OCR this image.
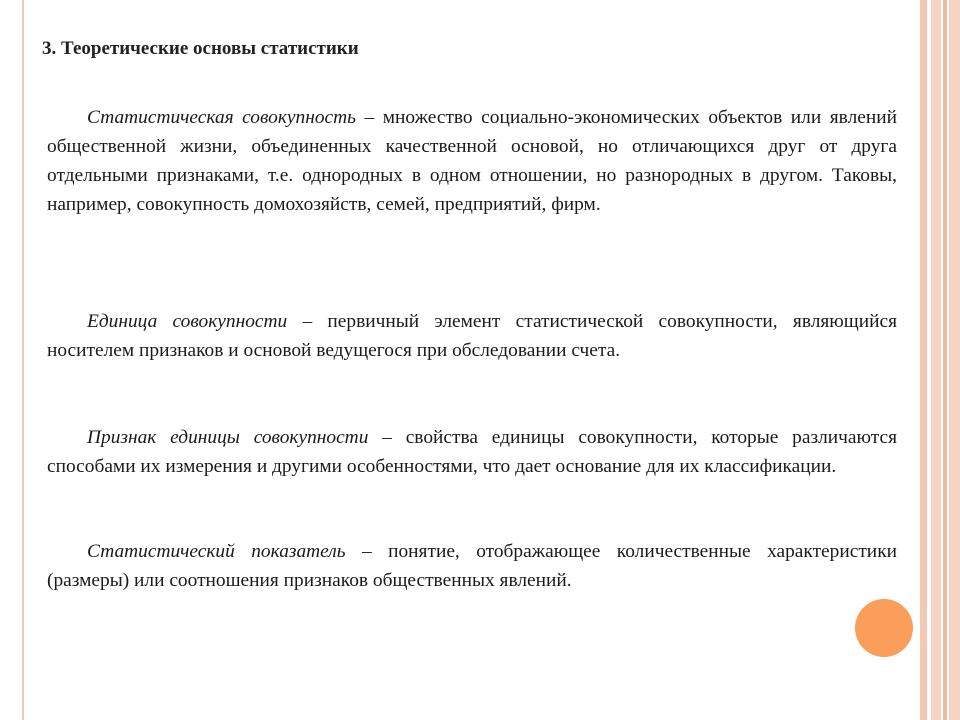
3. Теоретические основы статистики

Статистическая совокупность – множество социально-экономических объектов или явлений общественной жизни, объединенных качественной основой, но отличающихся друг от друга отдельными признаками, т.е. однородных в одном отношении, но разнородных в другом. Таковы, например, совокупность домохозяйств, семей, предприятий, фирм.

Единица совокупности – первичный элемент статистической совокупности, являющийся носителем признаков и основой ведущегося при обследовании счета.

Признак единицы совокупности – свойства единицы совокупности, которые различаются способами их измерения и другими особенностями, что дает основание для их классификации.

Статистический показатель – понятие, отображающее количественные характеристики (размеры) или соотношения признаков общественных явлений.
